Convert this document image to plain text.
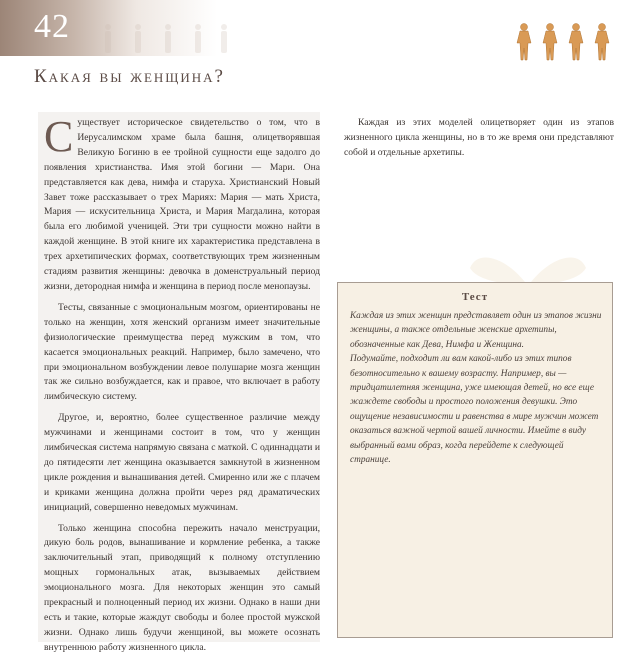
42
Какая вы женщина?

Существует историческое свидетельство о том, что в Иерусалимском храме была башня, олицетворявшая Великую Богиню в ее тройной сущности еще задолго до появления христианства. Имя этой богини — Мари. Она представляется как дева, нимфа и старуха. Христианский Новый Завет тоже рассказывает о трех Мариях: Мария — мать Христа, Мария — искусительница Христа, и Мария Магдалина, которая была его любимой ученицей. Эти три сущности можно найти в каждой женщине. В этой книге их характеристика представлена в трех архетипических формах, соответствующих трем жизненным стадиям развития женщины: девочка в доменструальный период жизни, детородная нимфа и женщина в период после менопаузы.

Тесты, связанные с эмоциональным мозгом, ориентированы не только на женщин, хотя женский организм имеет значительные физиологические преимущества перед мужским в том, что касается эмоциональных реакций. Например, было замечено, что при эмоциональном возбуждении левое полушарие мозга женщин так же сильно возбуждается, как и правое, что включает в работу лимбическую систему.

Другое, и, вероятно, более существенное различие между мужчинами и женщинами состоит в том, что у женщин лимбическая система напрямую связана с маткой. С одиннадцати и до пятидесяти лет женщина оказывается замкнутой в жизненном цикле рождения и вынашивания детей. Смиренно или же с плачем и криками женщина должна пройти через ряд драматических инициаций, совершенно неведомых мужчинам.

Только женщина способна пережить начало менструации, дикую боль родов, вынашивание и кормление ребенка, а также заключительный этап, приводящий к полному отступлению мощных гормональных атак, вызываемых действием эмоционального мозга. Для некоторых женщин это самый прекрасный и полноценный период их жизни. Однако в наши дни есть и такие, которые жаждут свободы и более простой мужской жизни. Однако лишь будучи женщиной, вы можете осознать внутреннюю работу жизненного цикла.

Каждая из этих моделей олицетворяет один из этапов жизненного цикла женщины, но в то же время они представляют собой и отдельные архетипы.

Тест

Каждая из этих женщин представляет один из этапов жизни женщины, а также отдельные женские архетипы, обозначенные как Дева, Нимфа и Женщина.

Подумайте, подходит ли вам какой-либо из этих типов безотносительно к вашему возрасту. Например, вы — тридцатилетняя женщина, уже имеющая детей, но все еще жаждете свободы и простого положения девушки. Это ощущение независимости и равенства в мире мужчин может оказаться важной чертой вашей личности. Имейте в виду выбранный вами образ, когда перейдете к следующей странице.
